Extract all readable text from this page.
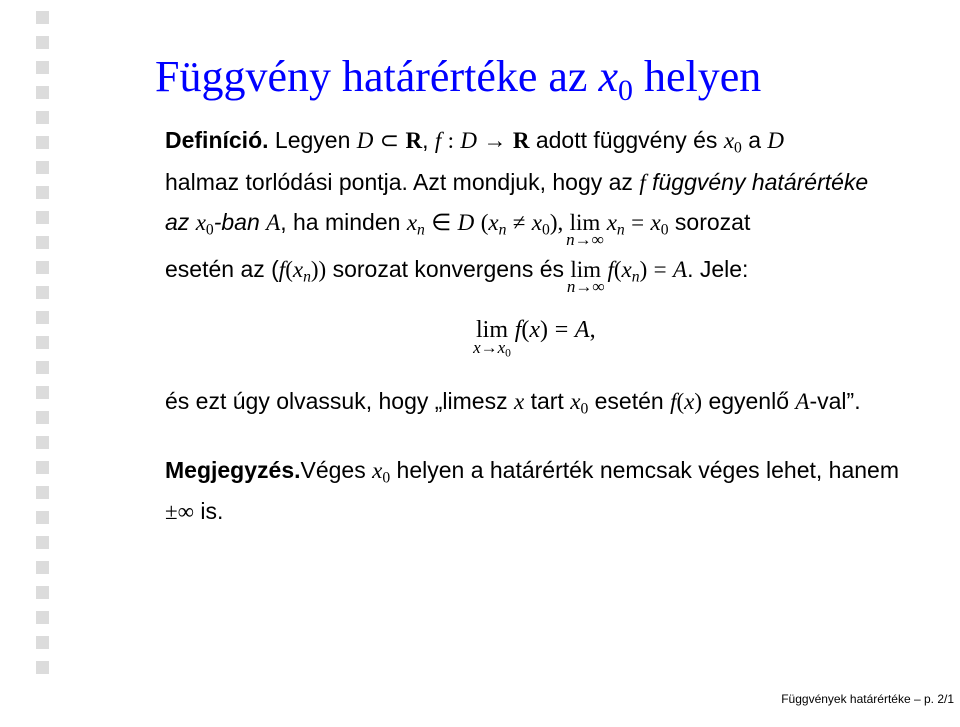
Függvény határértéke az $x_0$ helyen
Definíció. Legyen D ⊂ R, f : D → R adott függvény és $x_0$ a D
halmaz torlódási pontja. Azt mondjuk, hogy az f függvény határértéke
az $x_0$-ban A, ha minden $x_n$ ∈ D $(x_n \ne x_0)$, lim
n→∞
$x_n = x_0$ sorozat
esetén az $(f(x_n))$ sorozat konvergens és lim
n→∞
$f(x_n) = A$. Jele:
lim
$x\to x_0$
f(x) = A,
és ezt úgy olvassuk, hogy „limesz x tart $x_0$ esetén f(x) egyenlő A-val”.
Megjegyzés.Véges $x_0$ helyen a határérték nemcsak véges lehet, hanem
±∞ is.
Függvények határértéke – p. 2/1
